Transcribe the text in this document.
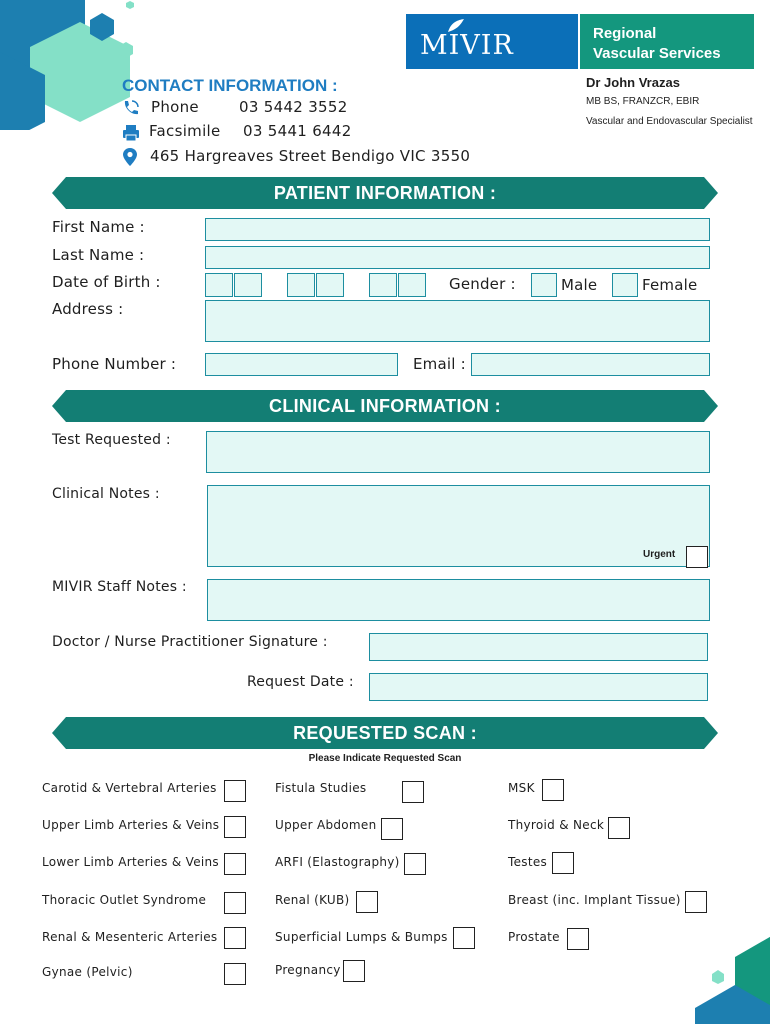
MIVIR	Regional
Vascular Services
Dr John Vrazas
MB BS, FRANZCR, EBIR
Vascular and Endovascular Specialist
CONTACT INFORMATION :
Phone	03 5442 3552
Facsimile 03 5441 6442
465 Hargreaves Street Bendigo VIC 3550
PATIENT INFORMATION :
First Name :
Last Name :
Date of Birth :	Gender :	Male	Female
Address :
Phone Number :	Email :
CLINICAL INFORMATION :
Test Requested :
Clinical Notes :
Urgent
MIVIR Staff Notes :
Doctor / Nurse Practitioner Signature :
Request Date :
REQUESTED SCAN :
Please Indicate Requested Scan
Carotid & Vertebral Arteries
Upper Limb Arteries & Veins
Lower Limb Arteries & Veins
Thoracic Outlet Syndrome
Renal & Mesenteric Arteries
Gynae (Pelvic)
Fistula Studies
Upper Abdomen
ARFI (Elastography)
Renal (KUB)
Superficial Lumps & Bumps
Pregnancy
MSK
Thyroid & Neck
Testes
Breast (inc. Implant Tissue)
Prostate
